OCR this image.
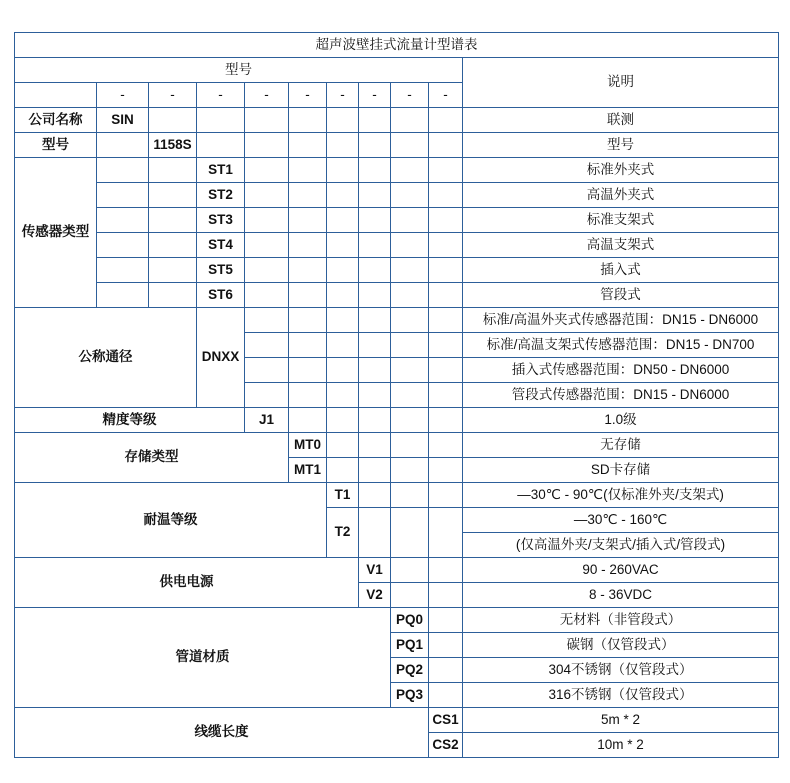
超声波壁挂式流量计型谱表										
型号										说明
	-	-	-	-	-	-	-	-	-	
公司名称	SIN									联测
型号		1158S								型号
传感器类型			ST1							标准外夹式
			ST2							高温外夹式
			ST3							标准支架式
			ST4							高温支架式
			ST5							插入式
			ST6							管段式
公称通径			DNXX							标准/高温外夹式传感器范围：DN15 - DN6000
										标准/高温支架式传感器范围：DN15 - DN700
										插入式传感器范围：DN50 - DN6000
										管段式传感器范围：DN15 - DN6000
精度等级				J1						1.0级
存储类型					MT0					无存储
					MT1					SD卡存储
耐温等级						T1				—30℃ - 90℃(仅标准外夹/支架式)
						T2				—30℃ - 160℃
										(仅高温外夹/支架式/插入式/管段式)
供电电源							V1			90 - 260VAC
							V2			8 - 36VDC
管道材质								PQ0		无材料（非管段式）
								PQ1		碳钢（仅管段式）
								PQ2		304不锈钢（仅管段式）
								PQ3		316不锈钢（仅管段式）
线缆长度									CS1	5m * 2
									CS2	10m * 2
